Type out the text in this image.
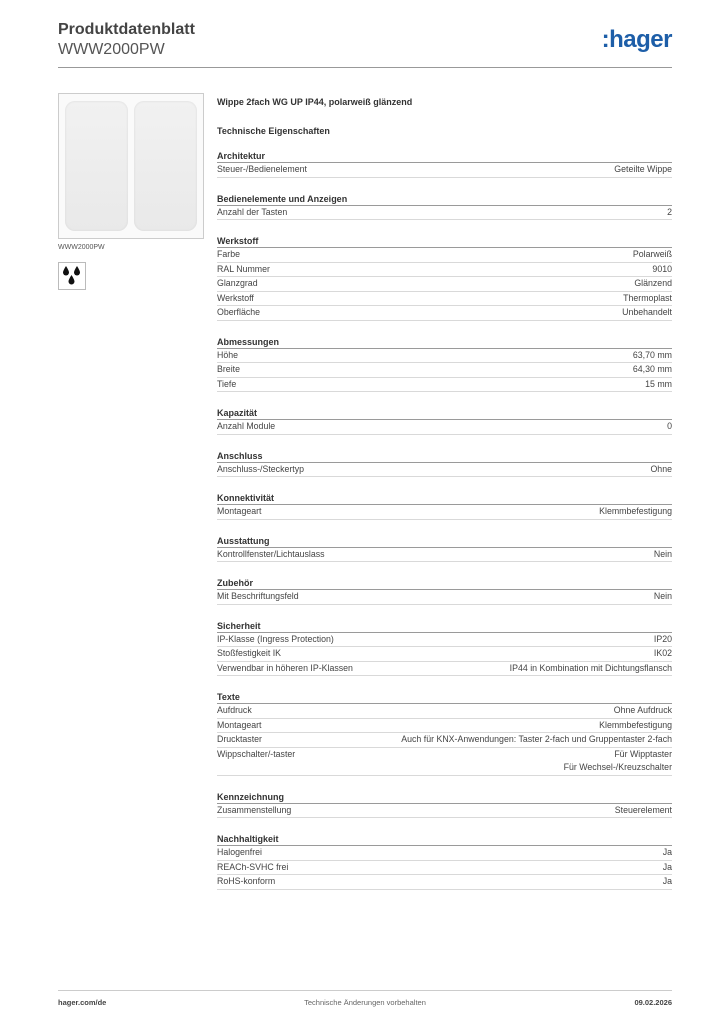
Produktdatenblatt
WWW2000PW	:hager
WWW2000PW
Wippe 2fach WG UP IP44, polarweiß glänzend
Technische Eigenschaften
Architektur
Steuer-/Bedienelement	Geteilte Wippe
Bedienelemente und Anzeigen
Anzahl der Tasten	2
Werkstoff
Farbe	Polarweiß
RAL Nummer	9010
Glanzgrad	Glänzend
Werkstoff	Thermoplast
Oberfläche	Unbehandelt
Abmessungen
Höhe	63,70 mm
Breite	64,30 mm
Tiefe	15 mm
Kapazität
Anzahl Module	0
Anschluss
Anschluss-/Steckertyp	Ohne
Konnektivität
Montageart	Klemmbefestigung
Ausstattung
Kontrollfenster/Lichtauslass	Nein
Zubehör
Mit Beschriftungsfeld	Nein
Sicherheit
IP-Klasse (Ingress Protection)	IP20
Stoßfestigkeit IK	IK02
Verwendbar in höheren IP-Klassen	IP44 in Kombination mit Dichtungsflansch
Texte
Aufdruck	Ohne Aufdruck
Montageart	Klemmbefestigung
Drucktaster	Auch für KNX-Anwendungen: Taster 2-fach und Gruppentaster 2-fach
Wippschalter/-taster	Für Wipptaster
Für Wechsel-/Kreuzschalter
Kennzeichnung
Zusammenstellung	Steuerelement
Nachhaltigkeit
Halogenfrei	Ja
REACh-SVHC frei	Ja
RoHS-konform	Ja
hager.com/de	Technische Änderungen vorbehalten	09.02.2026
